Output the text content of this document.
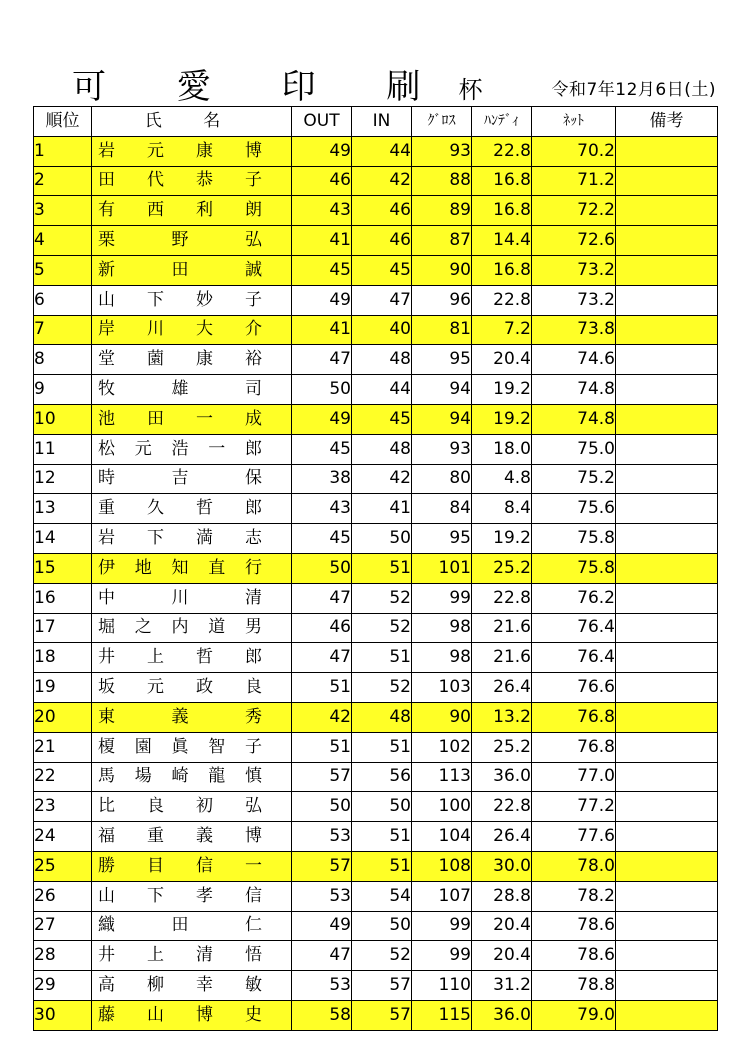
可 愛 印 刷 杯	令和7年12月6日(土)
順位	氏 名	OUT	IN	ｸﾞﾛｽ	ﾊﾝﾃﾞｨ	ﾈｯﾄ	備考
1	岩 元 康 博	49	44	93	22.8	70.2	
2	田 代 恭 子	46	42	88	16.8	71.2	
3	有 西 利 朗	43	46	89	16.8	72.2	
4	栗 野 弘	41	46	87	14.4	72.6	
5	新 田 誠	45	45	90	16.8	73.2	
6	山 下 妙 子	49	47	96	22.8	73.2	
7	岸 川 大 介	41	40	81	7.2	73.8	
8	堂 薗 康 裕	47	48	95	20.4	74.6	
9	牧 雄 司	50	44	94	19.2	74.8	
10	池 田 一 成	49	45	94	19.2	74.8	
11	松 元 浩 一 郎	45	48	93	18.0	75.0	
12	時 吉 保	38	42	80	4.8	75.2	
13	重 久 哲 郎	43	41	84	8.4	75.6	
14	岩 下 満 志	45	50	95	19.2	75.8	
15	伊 地 知 直 行	50	51	101	25.2	75.8	
16	中 川 清	47	52	99	22.8	76.2	
17	堀 之 内 道 男	46	52	98	21.6	76.4	
18	井 上 哲 郎	47	51	98	21.6	76.4	
19	坂 元 政 良	51	52	103	26.4	76.6	
20	東 義 秀	42	48	90	13.2	76.8	
21	榎 園 眞 智 子	51	51	102	25.2	76.8	
22	馬 場 崎 龍 慎	57	56	113	36.0	77.0	
23	比 良 初 弘	50	50	100	22.8	77.2	
24	福 重 義 博	53	51	104	26.4	77.6	
25	勝 目 信 一	57	51	108	30.0	78.0	
26	山 下 孝 信	53	54	107	28.8	78.2	
27	織 田 仁	49	50	99	20.4	78.6	
28	井 上 清 悟	47	52	99	20.4	78.6	
29	高 柳 幸 敏	53	57	110	31.2	78.8	
30	藤 山 博 史	58	57	115	36.0	79.0	
